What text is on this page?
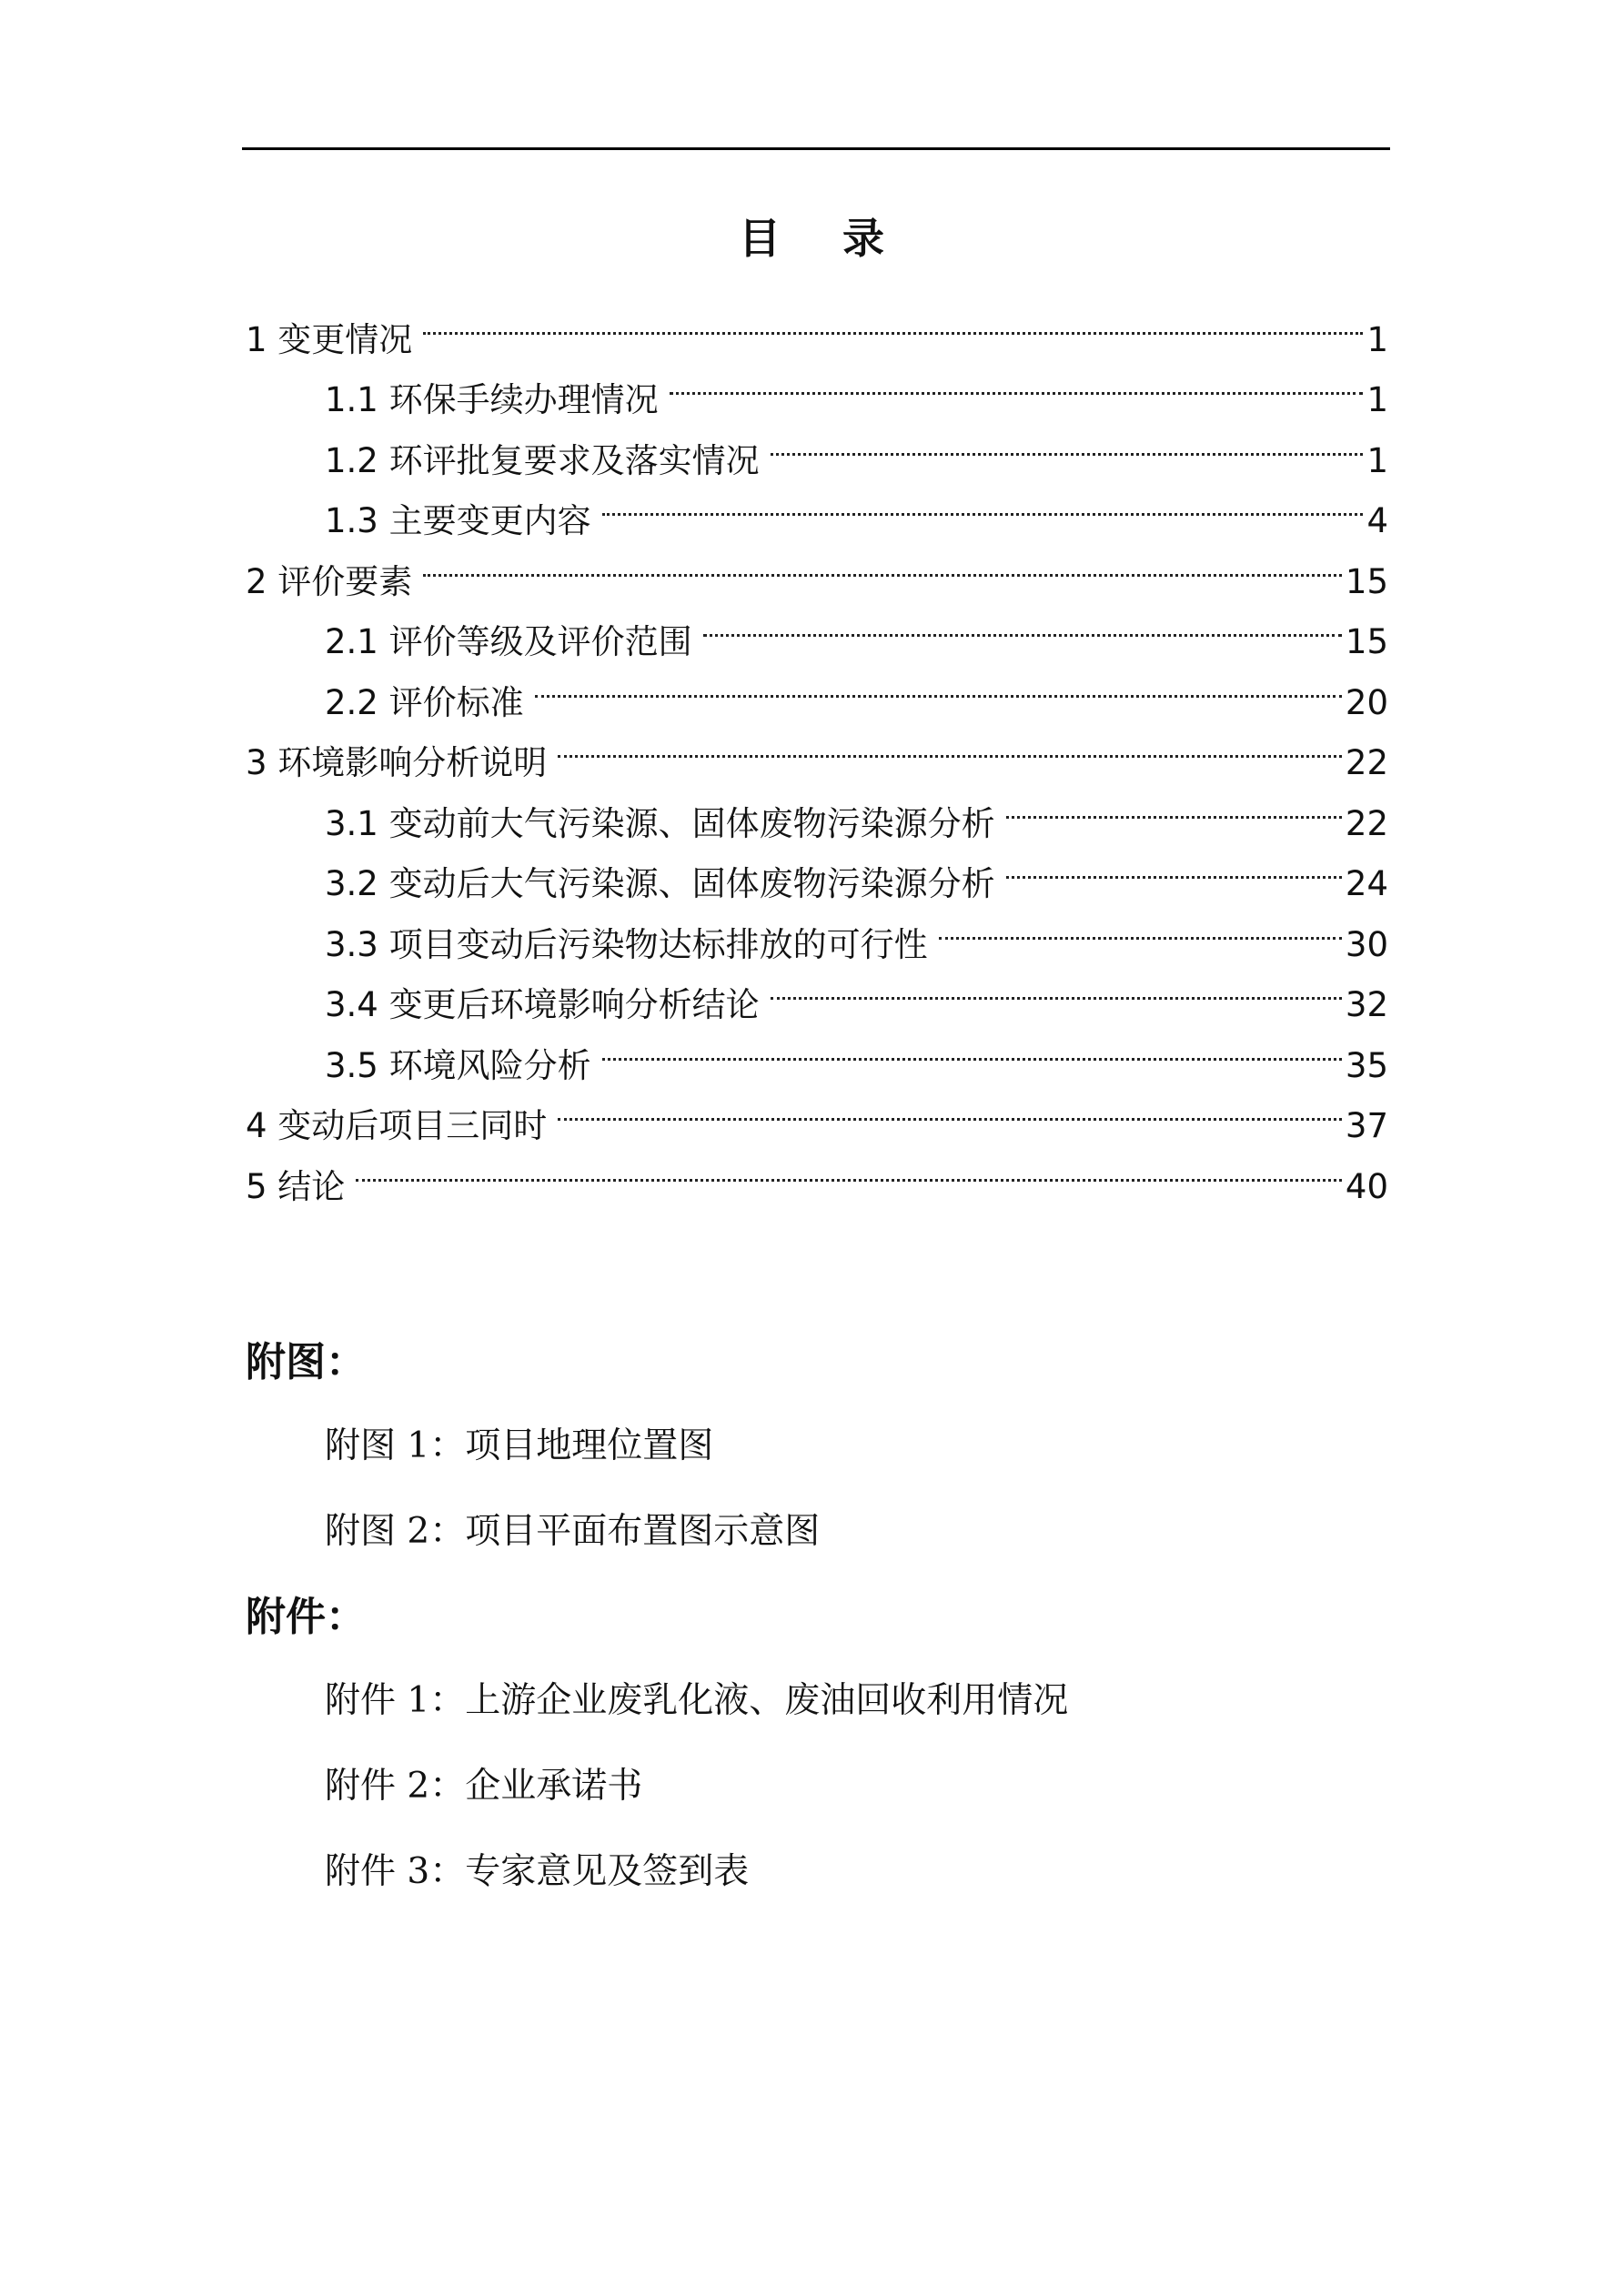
目 录
1 变更情况	1
1.1 环保手续办理情况	1
1.2 环评批复要求及落实情况	1
1.3 主要变更内容	4
2 评价要素	15
2.1 评价等级及评价范围	15
2.2 评价标准	20
3 环境影响分析说明	22
3.1 变动前大气污染源、固体废物污染源分析	22
3.2 变动后大气污染源、固体废物污染源分析	24
3.3 项目变动后污染物达标排放的可行性	30
3.4 变更后环境影响分析结论	32
3.5 环境风险分析	35
4 变动后项目三同时	37
5 结论	40
附图：
附图 1：项目地理位置图
附图 2：项目平面布置图示意图
附件：
附件 1：上游企业废乳化液、废油回收利用情况
附件 2：企业承诺书
附件 3：专家意见及签到表
